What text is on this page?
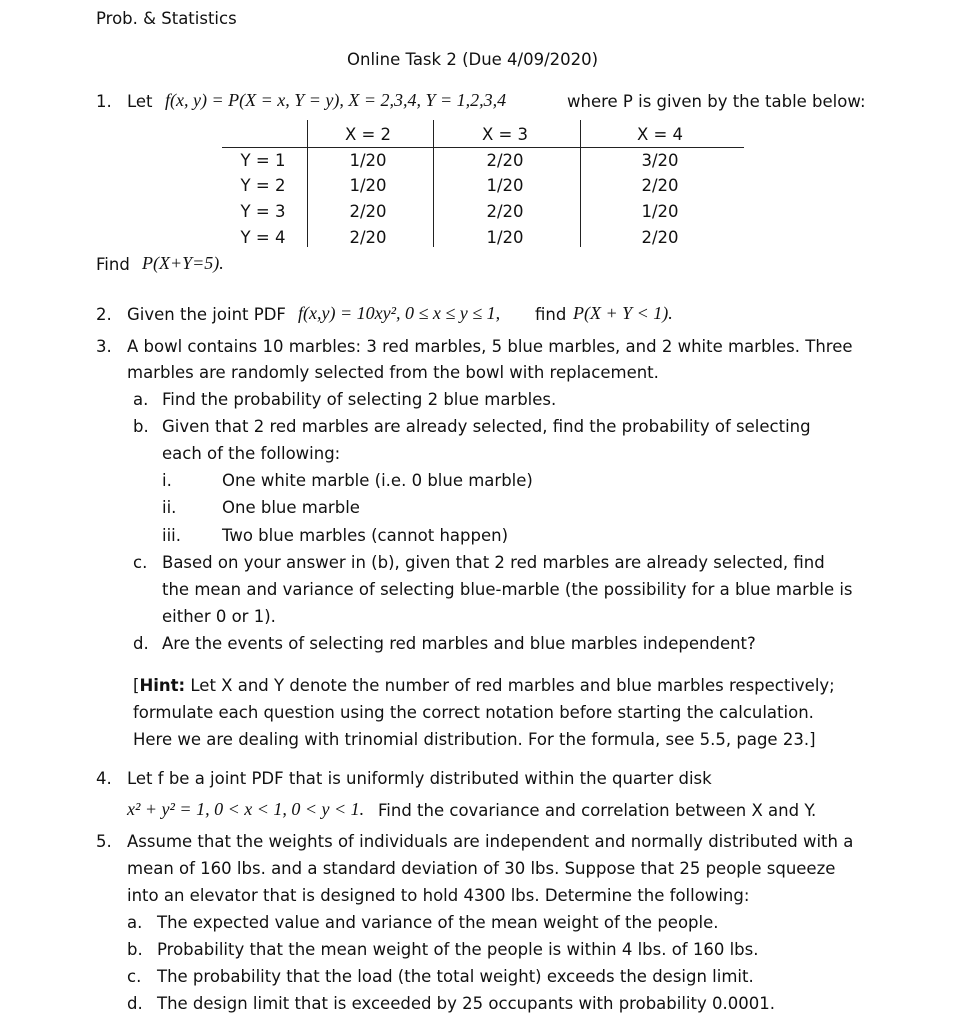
Prob. & Statistics
Online Task 2 (Due 4/09/2020)
1. Let f(x, y) = P(X = x, Y = y), X = 2,3,4, Y = 1,2,3,4	where P is given by the table below:
X = 2	X = 3	X = 4
Y = 1	1/20	2/20	3/20
Y = 2	1/20	1/20	2/20
Y = 3	2/20	2/20	1/20
Y = 4	2/20	1/20	2/20
Find P(X+Y=5).
2. Given the joint PDF f(x,y) = 10xy², 0 ≤ x ≤ y ≤ 1, find P(X + Y < 1).
3. A bowl contains 10 marbles: 3 red marbles, 5 blue marbles, and 2 white marbles. Three
marbles are randomly selected from the bowl with replacement.
a. Find the probability of selecting 2 blue marbles.
b. Given that 2 red marbles are already selected, find the probability of selecting
each of the following:
i.	One white marble (i.e. 0 blue marble)
ii.	One blue marble
iii. Two blue marbles (cannot happen)
c. Based on your answer in (b), given that 2 red marbles are already selected, find
the mean and variance of selecting blue-marble (the possibility for a blue marble is
either 0 or 1).
d. Are the events of selecting red marbles and blue marbles independent?
[Hint: Let X and Y denote the number of red marbles and blue marbles respectively;
formulate each question using the correct notation before starting the calculation.
Here we are dealing with trinomial distribution. For the formula, see 5.5, page 23.]
4. Let f be a joint PDF that is uniformly distributed within the quarter disk
x² + y² = 1, 0 < x < 1, 0 < y < 1. Find the covariance and correlation between X and Y.
5. Assume that the weights of individuals are independent and normally distributed with a
mean of 160 lbs. and a standard deviation of 30 lbs. Suppose that 25 people squeeze
into an elevator that is designed to hold 4300 lbs. Determine the following:
a. The expected value and variance of the mean weight of the people.
b. Probability that the mean weight of the people is within 4 lbs. of 160 lbs.
c. The probability that the load (the total weight) exceeds the design limit.
d. The design limit that is exceeded by 25 occupants with probability 0.0001.
